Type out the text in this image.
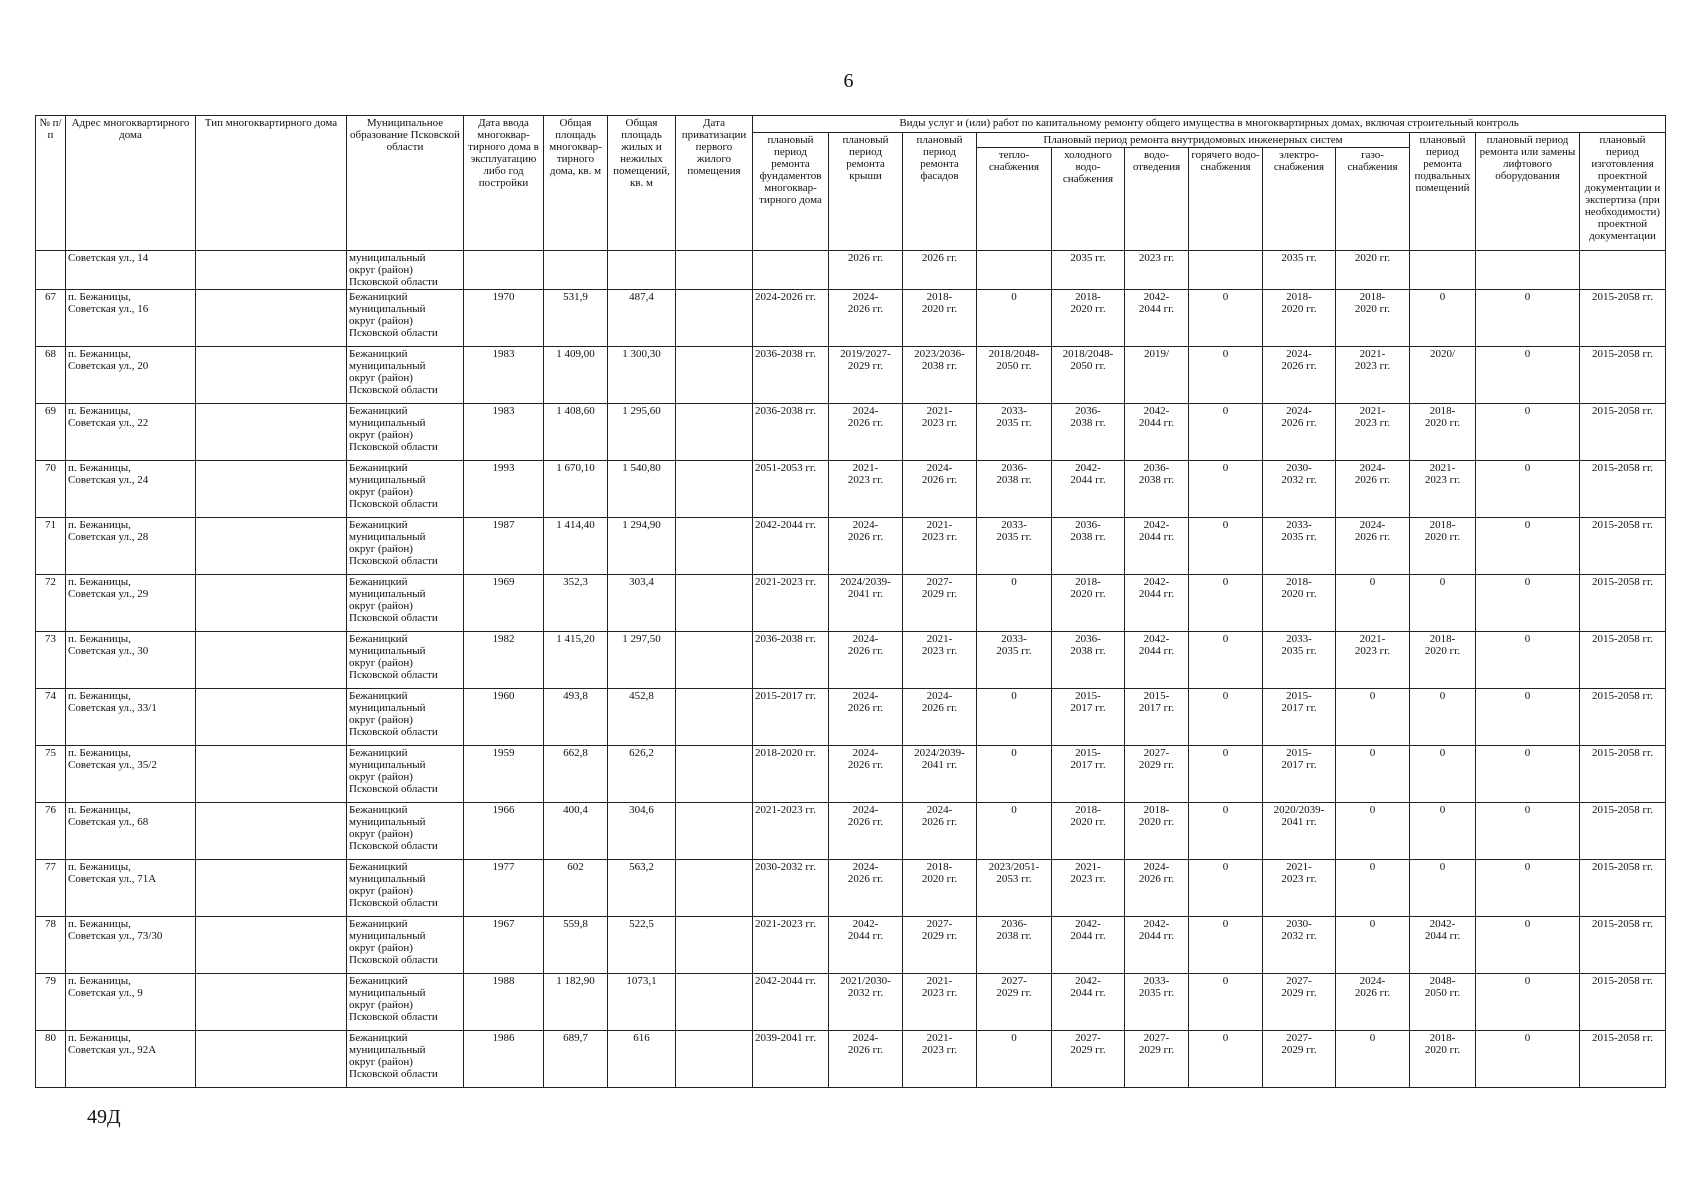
6
№ п/п	Адрес многоквартирного дома	Тип многоквартирного дома	Муниципальное образование Псковской области	Дата ввода многоквар-тирного дома в эксплуатацию либо год постройки	Общая площадь многоквар-тирного дома, кв. м	Общая площадь жилых и нежилых помещений, кв. м	Дата приватизации первого жилого помещения	Виды услуг и (или) работ по капитальному ремонту общего имущества в многоквартирных домах, включая строительный контроль											
								плановый период ремонта фундаментов многоквар-тирного дома	плановый период ремонта крыши	плановый период ремонта фасадов	Плановый период ремонта внутридомовых инженерных систем						плановый период ремонта подвальных помещений	плановый период ремонта или замены лифтового оборудования	плановый период изготовления проектной документации и экспертиза (при необходимости) проектной документации
											тепло-снабжения	холодного водо-снабжения	водо-отведения	горячего водо-снабжения	электро-снабжения	газо-снабжения			
	Советская ул., 14		муниципальный
округ (район)
Псковской области						2026 гг.	2026 гг.		2035 гг.	2023 гг.		2035 гг.	2020 гг.			
67	п. Бежаницы,
Советская ул., 16		Бежаницкий
муниципальный
округ (район)
Псковской области	1970	531,9	487,4		2024-2026 гг.	2024-
2026 гг.	2018-
2020 гг.	0	2018-
2020 гг.	2042-
2044 гг.	0	2018-
2020 гг.	2018-
2020 гг.	0	0	2015-2058 гг.
68	п. Бежаницы,
Советская ул., 20		Бежаницкий
муниципальный
округ (район)
Псковской области	1983	1 409,00	1 300,30		2036-2038 гг.	2019/2027-
2029 гг.	2023/2036-
2038 гг.	2018/2048-
2050 гг.	2018/2048-
2050 гг.	2019/	0	2024-
2026 гг.	2021-
2023 гг.	2020/	0	2015-2058 гг.
69	п. Бежаницы,
Советская ул., 22		Бежаницкий
муниципальный
округ (район)
Псковской области	1983	1 408,60	1 295,60		2036-2038 гг.	2024-
2026 гг.	2021-
2023 гг.	2033-
2035 гг.	2036-
2038 гг.	2042-
2044 гг.	0	2024-
2026 гг.	2021-
2023 гг.	2018-
2020 гг.	0	2015-2058 гг.
70	п. Бежаницы,
Советская ул., 24		Бежаницкий
муниципальный
округ (район)
Псковской области	1993	1 670,10	1 540,80		2051-2053 гг.	2021-
2023 гг.	2024-
2026 гг.	2036-
2038 гг.	2042-
2044 гг.	2036-
2038 гг.	0	2030-
2032 гг.	2024-
2026 гг.	2021-
2023 гг.	0	2015-2058 гг.
71	п. Бежаницы,
Советская ул., 28		Бежаницкий
муниципальный
округ (район)
Псковской области	1987	1 414,40	1 294,90		2042-2044 гг.	2024-
2026 гг.	2021-
2023 гг.	2033-
2035 гг.	2036-
2038 гг.	2042-
2044 гг.	0	2033-
2035 гг.	2024-
2026 гг.	2018-
2020 гг.	0	2015-2058 гг.
72	п. Бежаницы,
Советская ул., 29		Бежаницкий
муниципальный
округ (район)
Псковской области	1969	352,3	303,4		2021-2023 гг.	2024/2039-
2041 гг.	2027-
2029 гг.	0	2018-
2020 гг.	2042-
2044 гг.	0	2018-
2020 гг.	0	0	0	2015-2058 гг.
73	п. Бежаницы,
Советская ул., 30		Бежаницкий
муниципальный
округ (район)
Псковской области	1982	1 415,20	1 297,50		2036-2038 гг.	2024-
2026 гг.	2021-
2023 гг.	2033-
2035 гг.	2036-
2038 гг.	2042-
2044 гг.	0	2033-
2035 гг.	2021-
2023 гг.	2018-
2020 гг.	0	2015-2058 гг.
74	п. Бежаницы,
Советская ул., 33/1		Бежаницкий
муниципальный
округ (район)
Псковской области	1960	493,8	452,8		2015-2017 гг.	2024-
2026 гг.	2024-
2026 гг.	0	2015-
2017 гг.	2015-
2017 гг.	0	2015-
2017 гг.	0	0	0	2015-2058 гг.
75	п. Бежаницы,
Советская ул., 35/2		Бежаницкий
муниципальный
округ (район)
Псковской области	1959	662,8	626,2		2018-2020 гг.	2024-
2026 гг.	2024/2039-
2041 гг.	0	2015-
2017 гг.	2027-
2029 гг.	0	2015-
2017 гг.	0	0	0	2015-2058 гг.
76	п. Бежаницы,
Советская ул., 68		Бежаницкий
муниципальный
округ (район)
Псковской области	1966	400,4	304,6		2021-2023 гг.	2024-
2026 гг.	2024-
2026 гг.	0	2018-
2020 гг.	2018-
2020 гг.	0	2020/2039-
2041 гг.	0	0	0	2015-2058 гг.
77	п. Бежаницы,
Советская ул., 71А		Бежаницкий
муниципальный
округ (район)
Псковской области	1977	602	563,2		2030-2032 гг.	2024-
2026 гг.	2018-
2020 гг.	2023/2051-
2053 гг.	2021-
2023 гг.	2024-
2026 гг.	0	2021-
2023 гг.	0	0	0	2015-2058 гг.
78	п. Бежаницы,
Советская ул., 73/30		Бежаницкий
муниципальный
округ (район)
Псковской области	1967	559,8	522,5		2021-2023 гг.	2042-
2044 гг.	2027-
2029 гг.	2036-
2038 гг.	2042-
2044 гг.	2042-
2044 гг.	0	2030-
2032 гг.	0	2042-
2044 гг.	0	2015-2058 гг.
79	п. Бежаницы,
Советская ул., 9		Бежаницкий
муниципальный
округ (район)
Псковской области	1988	1 182,90	1073,1		2042-2044 гг.	2021/2030-
2032 гг.	2021-
2023 гг.	2027-
2029 гг.	2042-
2044 гг.	2033-
2035 гг.	0	2027-
2029 гг.	2024-
2026 гг.	2048-
2050 гг.	0	2015-2058 гг.
80	п. Бежаницы,
Советская ул., 92А		Бежаницкий
муниципальный
округ (район)
Псковской области	1986	689,7	616		2039-2041 гг.	2024-
2026 гг.	2021-
2023 гг.	0	2027-
2029 гг.	2027-
2029 гг.	0	2027-
2029 гг.	0	2018-
2020 гг.	0	2015-2058 гг.
49Д
